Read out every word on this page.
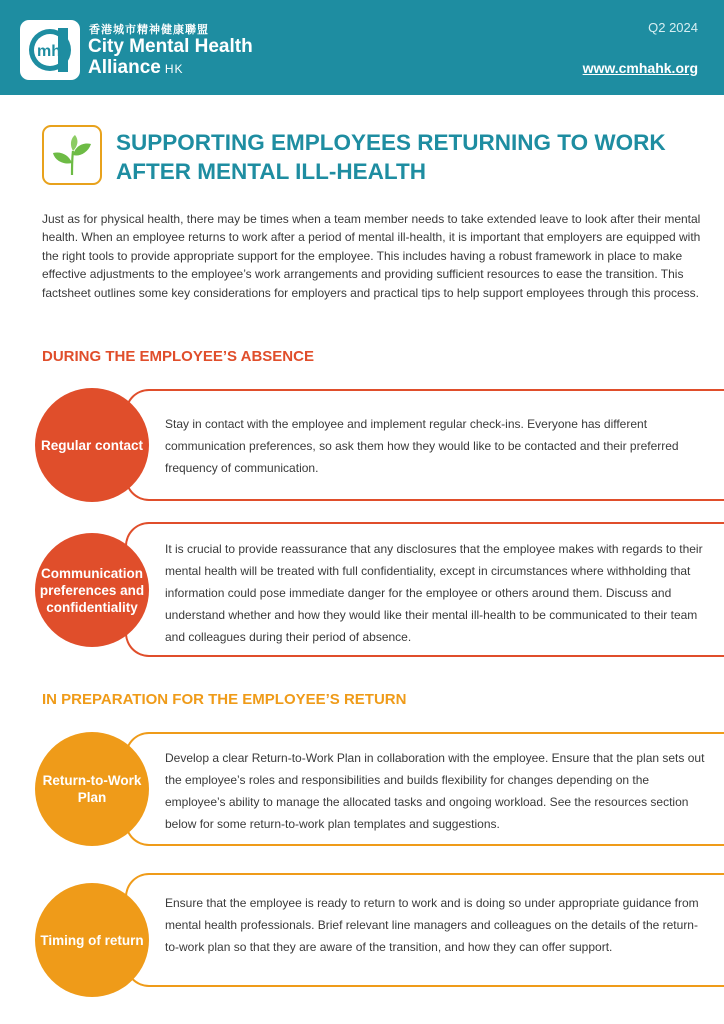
mh
香港城市精神健康聯盟
City Mental Health
Alliance HK
Q2 2024
www.cmhahk.org
SUPPORTING EMPLOYEES RETURNING TO WORK AFTER MENTAL ILL-HEALTH
Just as for physical health, there may be times when a team member needs to take extended leave to look after their mental health. When an employee returns to work after a period of mental ill-health, it is important that employers are equipped with the right tools to provide appropriate support for the employee. This includes having a robust framework in place to make effective adjustments to the employee’s work arrangements and providing sufficient resources to ease the transition. This factsheet outlines some key considerations for employers and practical tips to help support employees through this process.
DURING THE EMPLOYEE’S ABSENCE
Regular contact
Stay in contact with the employee and implement regular check-ins. Everyone has different communication preferences, so ask them how they would like to be contacted and their preferred frequency of communication.
Communication preferences and confidentiality
It is crucial to provide reassurance that any disclosures that the employee makes with regards to their mental health will be treated with full confidentiality, except in circumstances where withholding that information could pose immediate danger for the employee or others around them. Discuss and understand whether and how they would like their mental ill-health to be communicated to their team and colleagues during their period of absence.
IN PREPARATION FOR THE EMPLOYEE’S RETURN
Return-to-Work Plan
Develop a clear Return-to-Work Plan in collaboration with the employee. Ensure that the plan sets out the employee’s roles and responsibilities and builds flexibility for changes depending on the employee’s ability to manage the allocated tasks and ongoing workload. See the resources section below for some return-to-work plan templates and suggestions.
Timing of return
Ensure that the employee is ready to return to work and is doing so under appropriate guidance from mental health professionals. Brief relevant line managers and colleagues on the details of the return-to-work plan so that they are aware of the transition, and how they can offer support.
